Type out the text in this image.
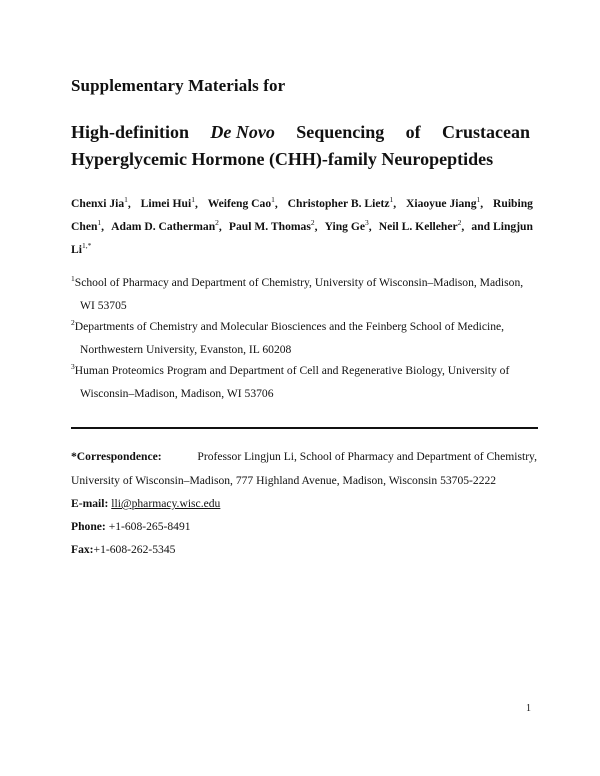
Supplementary Materials for
High-definition De Novo Sequencing of Crustacean
Hyperglycemic Hormone (CHH)-family Neuropeptides
Chenxi Jia$^1$, Limei Hui$^1$, Weifeng Cao$^1$, Christopher B. Lietz$^1$, Xiaoyue Jiang$^1$, Ruibing
Chen$^1$, Adam D. Catherman$^2$, Paul M. Thomas$^2$, Ying Ge$^3$, Neil L. Kelleher$^2$, and Lingjun
$Li^{1,*}$
$^1$School of Pharmacy and Department of Chemistry, University of Wisconsin–Madison, Madison,
WI 53705
$^2$Departments of Chemistry and Molecular Biosciences and the Feinberg School of Medicine,
Northwestern University, Evanston, IL 60208
$^3$Human Proteomics Program and Department of Cell and Regenerative Biology, University of
Wisconsin–Madison, Madison, WI 53706
*Correspondence:	Professor Lingjun Li, School of Pharmacy and Department of Chemistry,
University of Wisconsin–Madison, 777 Highland Avenue, Madison, Wisconsin 53705-2222
E-mail: lli@pharmacy.wisc.edu
Phone: +1-608-265-8491
Fax:+1-608-262-5345
1
